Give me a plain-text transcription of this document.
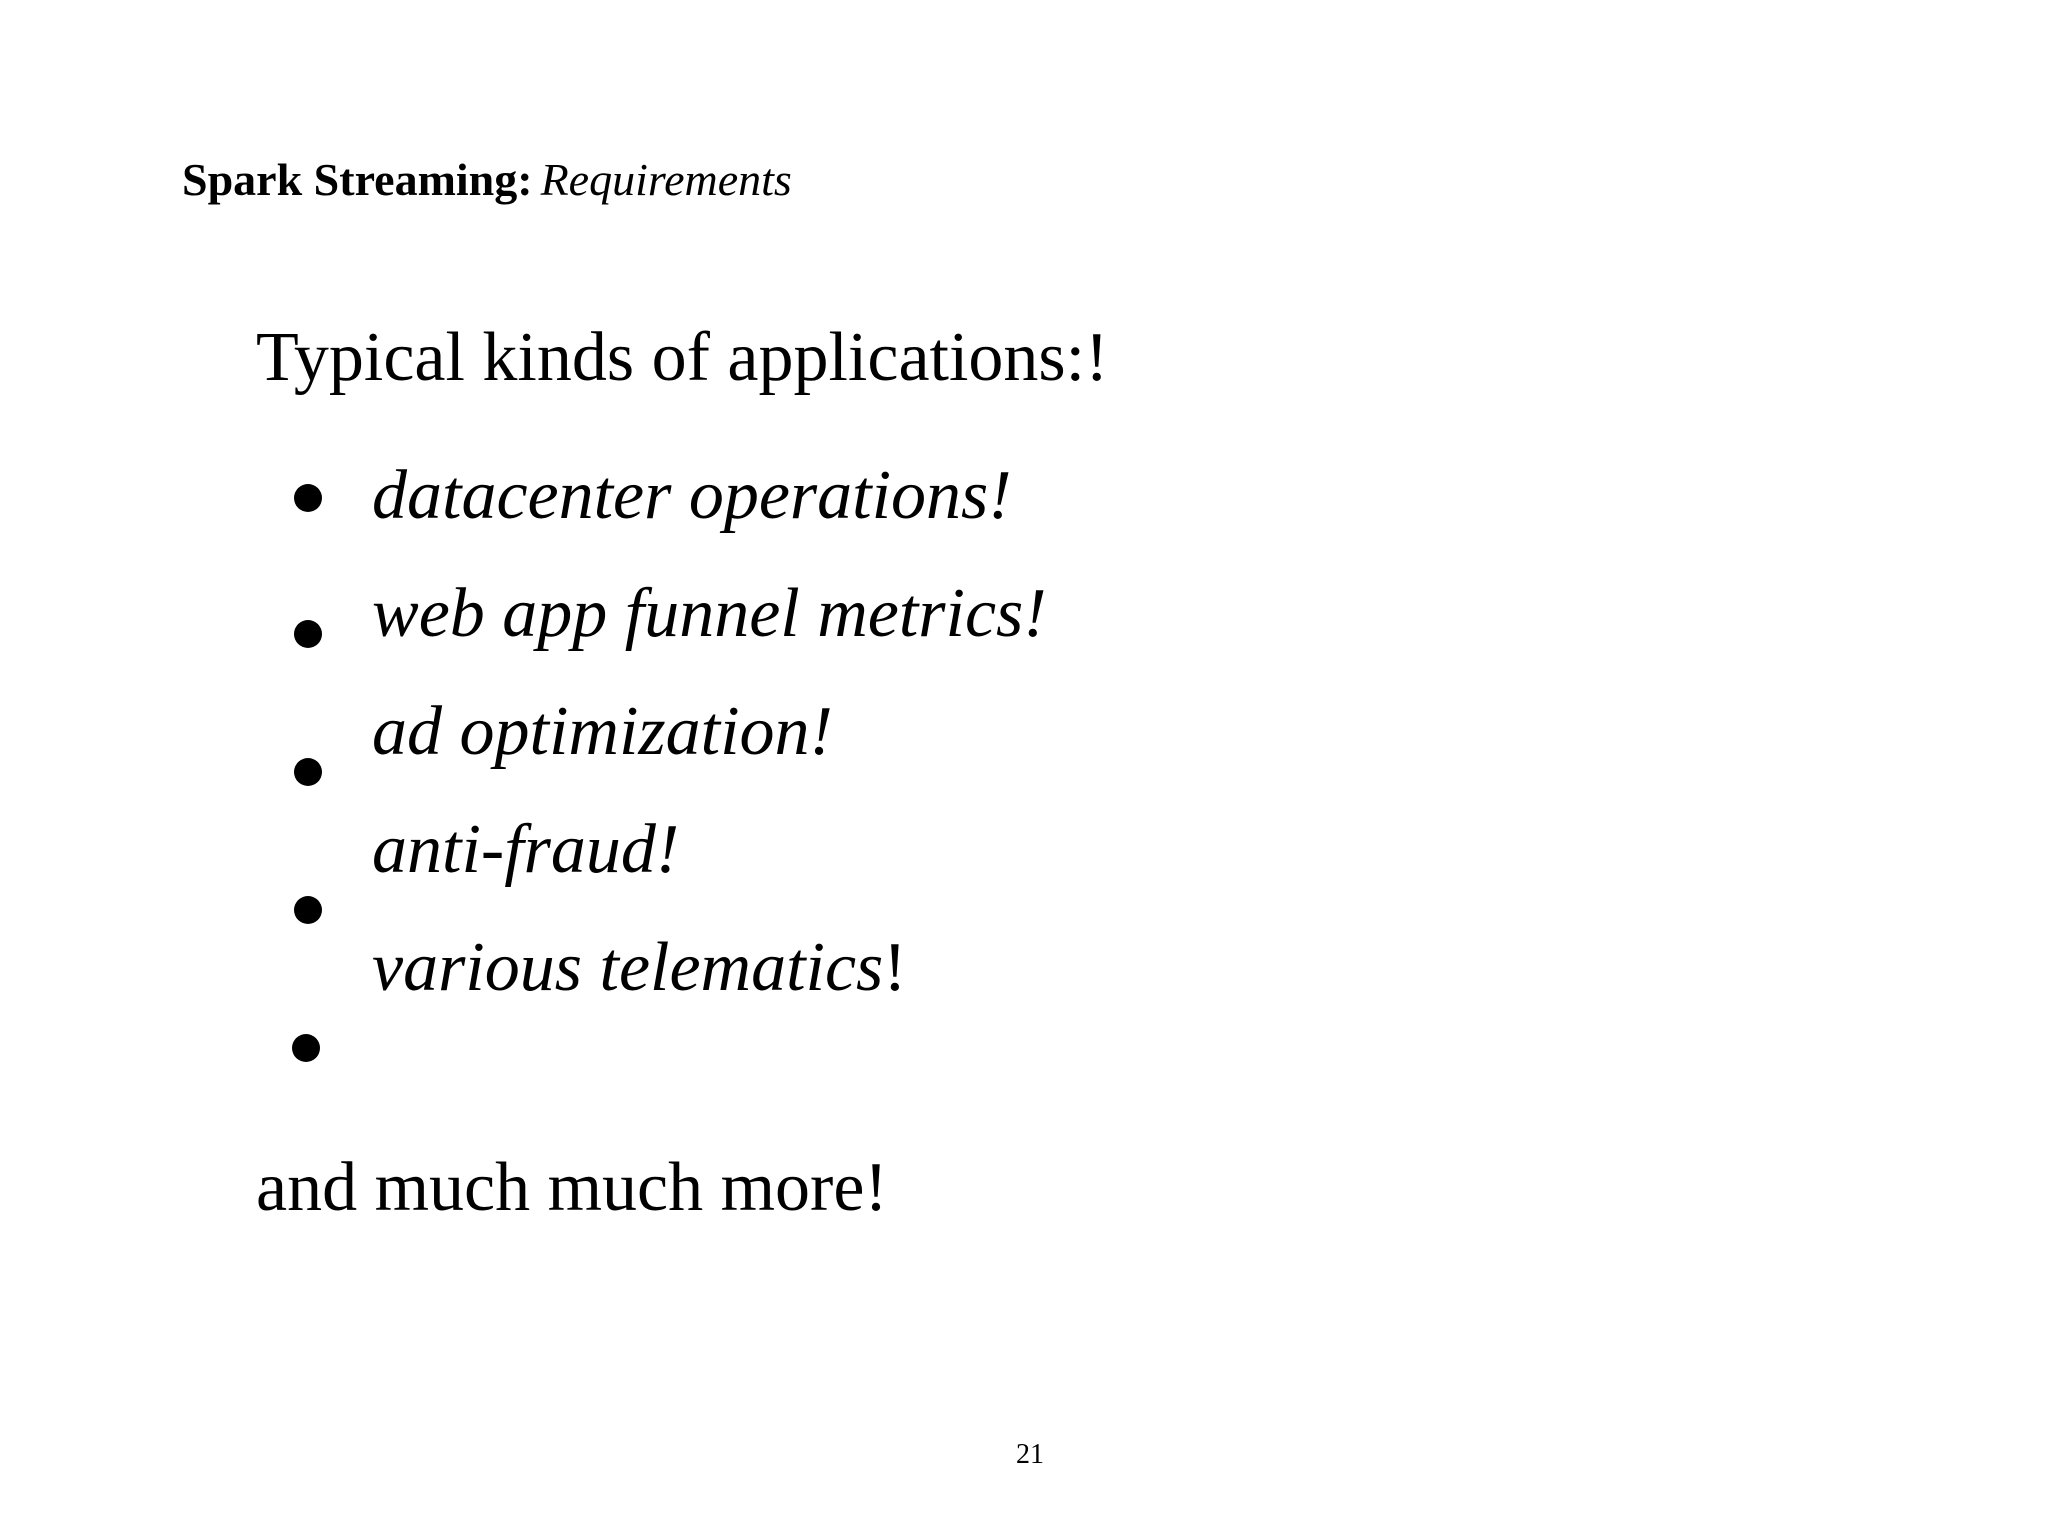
Spark Streaming: Requirements
Typical kinds of applications:!
datacenter operations!
web app funnel metrics!
ad optimization!
anti-fraud!
various telematics!
and much much more!
21
